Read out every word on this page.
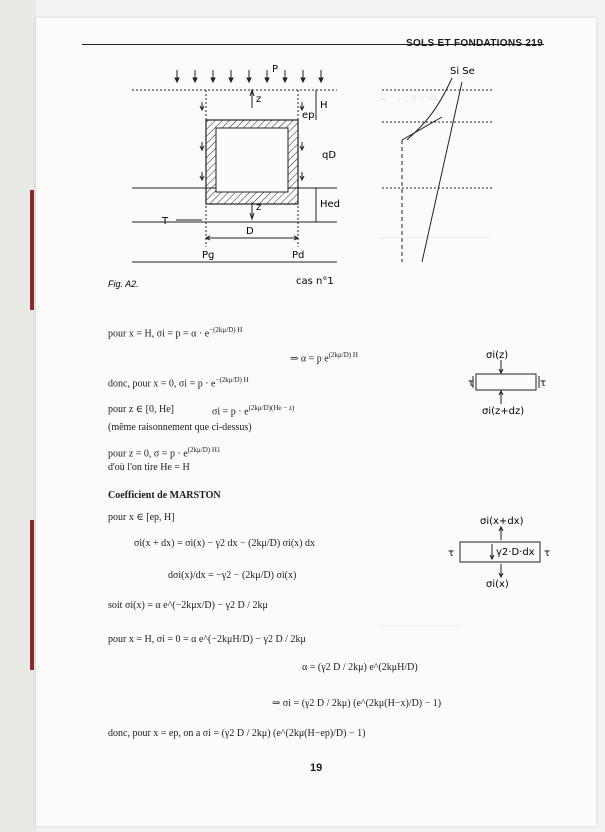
Σ ·· ∫ ·· γ ·· dx
―――――――――――
――――――――
SOLS ET FONDATIONS 219
P
z
z
H
ep
qD
Hed
D
T
Pg	Pd
Si Se
Fig. A2.	cas n°1
pour x = H, $\sigma i = p = \alpha \cdot e^{-(2k\mu/D) H}$
⇒ α = p $e^{(2k\mu/D) H}$
donc, pour x = 0, $\sigma i = p \cdot e^{-(2k\mu/D) H}$
pour z ∈ [0, He]	$\sigma i = p \cdot e^{(2k\mu/D)(He - z)}$
(même raisonnement que ci-dessus)
pour z = 0, $\sigma = p \cdot e^{(2k\mu/D) H1}$
d'où l'on tire He = H
Coefficient de MARSTON
pour x ∈ [ep, H]
σi(x + dx) = σi(x) − γ2 dx − (2kμ/D) σi(x) dx
dσi(x)/dx = −γ2 − (2kμ/D) σi(x)
soit σi(x) = α e^(−2kμx/D) − γ2 D / 2kμ
pour x = H, σi = 0 = α e^(−2kμH/D) − γ2 D / 2kμ
α = (γ2 D / 2kμ) e^(2kμH/D)
⇒ σi = (γ2 D / 2kμ) (e^(2kμ(H−x)/D) − 1)
donc, pour x = ep, on a σi = (γ2 D / 2kμ) (e^(2kμ(H−ep)/D) − 1)
σi(z)
τ	τ
σi(z+dz)
σi(x+dx)
γ2·D·dx
τ	τ
σi(x)
19
